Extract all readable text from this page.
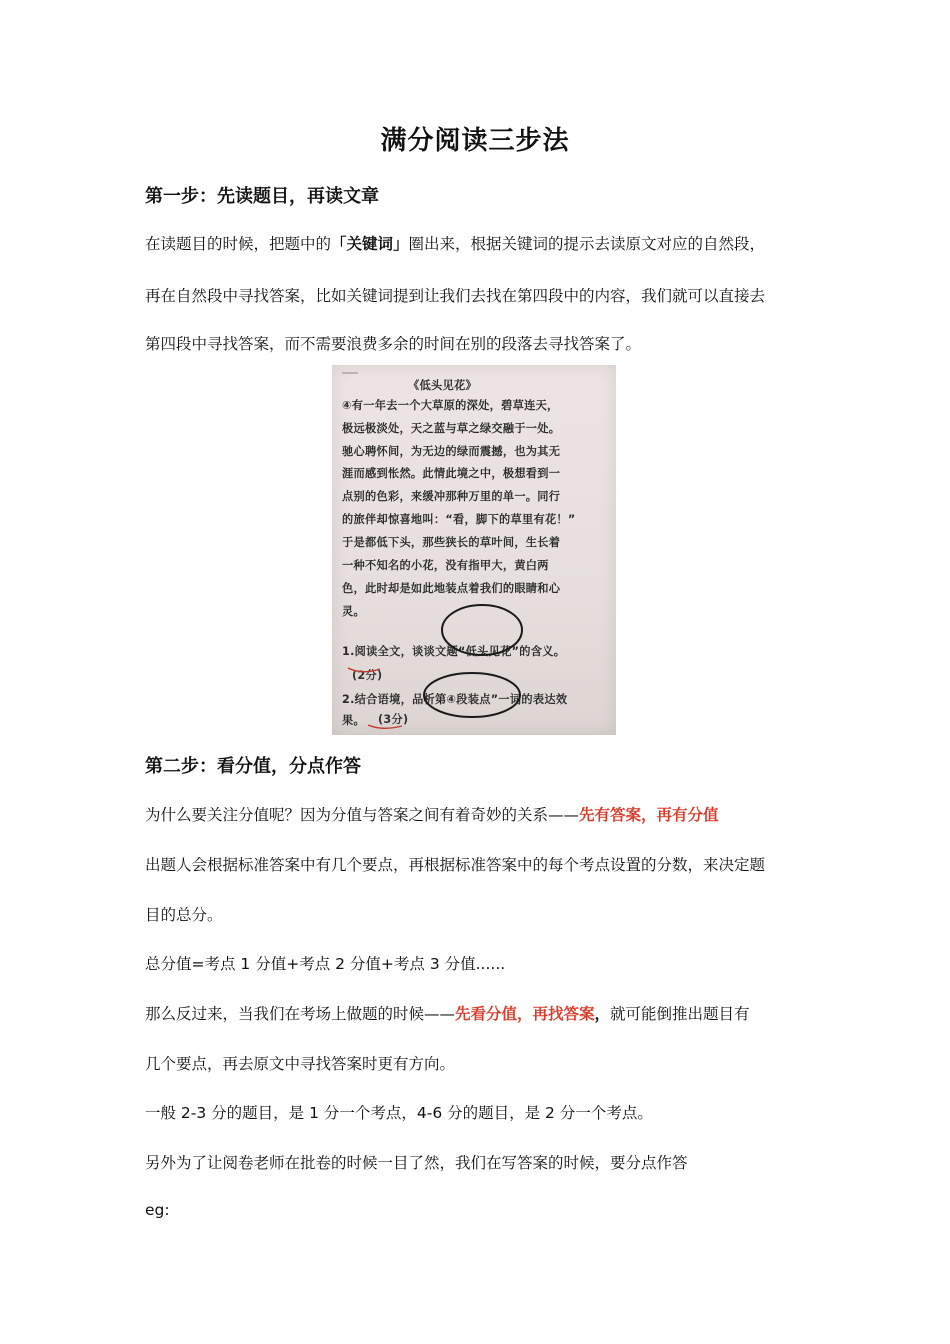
满分阅读三步法
第一步：先读题目，再读文章
在读题目的时候，把题中的「关键词」圈出来，根据关键词的提示去读原文对应的自然段，
再在自然段中寻找答案，比如关键词提到让我们去找在第四段中的内容，我们就可以直接去
第四段中寻找答案，而不需要浪费多余的时间在别的段落去寻找答案了。
《低头见花》
④有一年去一个大草原的深处，碧草连天，
极远极淡处，天之蓝与草之绿交融于一处。
驰心聘怀间，为无边的绿而震撼，也为其无
涯而感到怅然。此情此境之中，极想看到一
点别的色彩，来缓冲那种万里的单一。同行
的旅伴却惊喜地叫：“看，脚下的草里有花！”
于是都低下头，那些狭长的草叶间，生长着
一种不知名的小花，没有指甲大，黄白两
色，此时却是如此地装点着我们的眼睛和心
灵。
1.阅读全文，谈谈文题“低头见花”的含义。
(2分)
2.结合语境，品析第④段装点”一词的表达效
果。 (3分)
第二步：看分值，分点作答
为什么要关注分值呢？因为分值与答案之间有着奇妙的关系——先有答案，再有分值
出题人会根据标准答案中有几个要点，再根据标准答案中的每个考点设置的分数，来决定题
目的总分。
总分值=考点 1 分值+考点 2 分值+考点 3 分值......
那么反过来，当我们在考场上做题的时候——先看分值，再找答案，就可能倒推出题目有
几个要点，再去原文中寻找答案时更有方向。
一般 2-3 分的题目，是 1 分一个考点，4-6 分的题目，是 2 分一个考点。
另外为了让阅卷老师在批卷的时候一目了然，我们在写答案的时候，要分点作答
eg:
